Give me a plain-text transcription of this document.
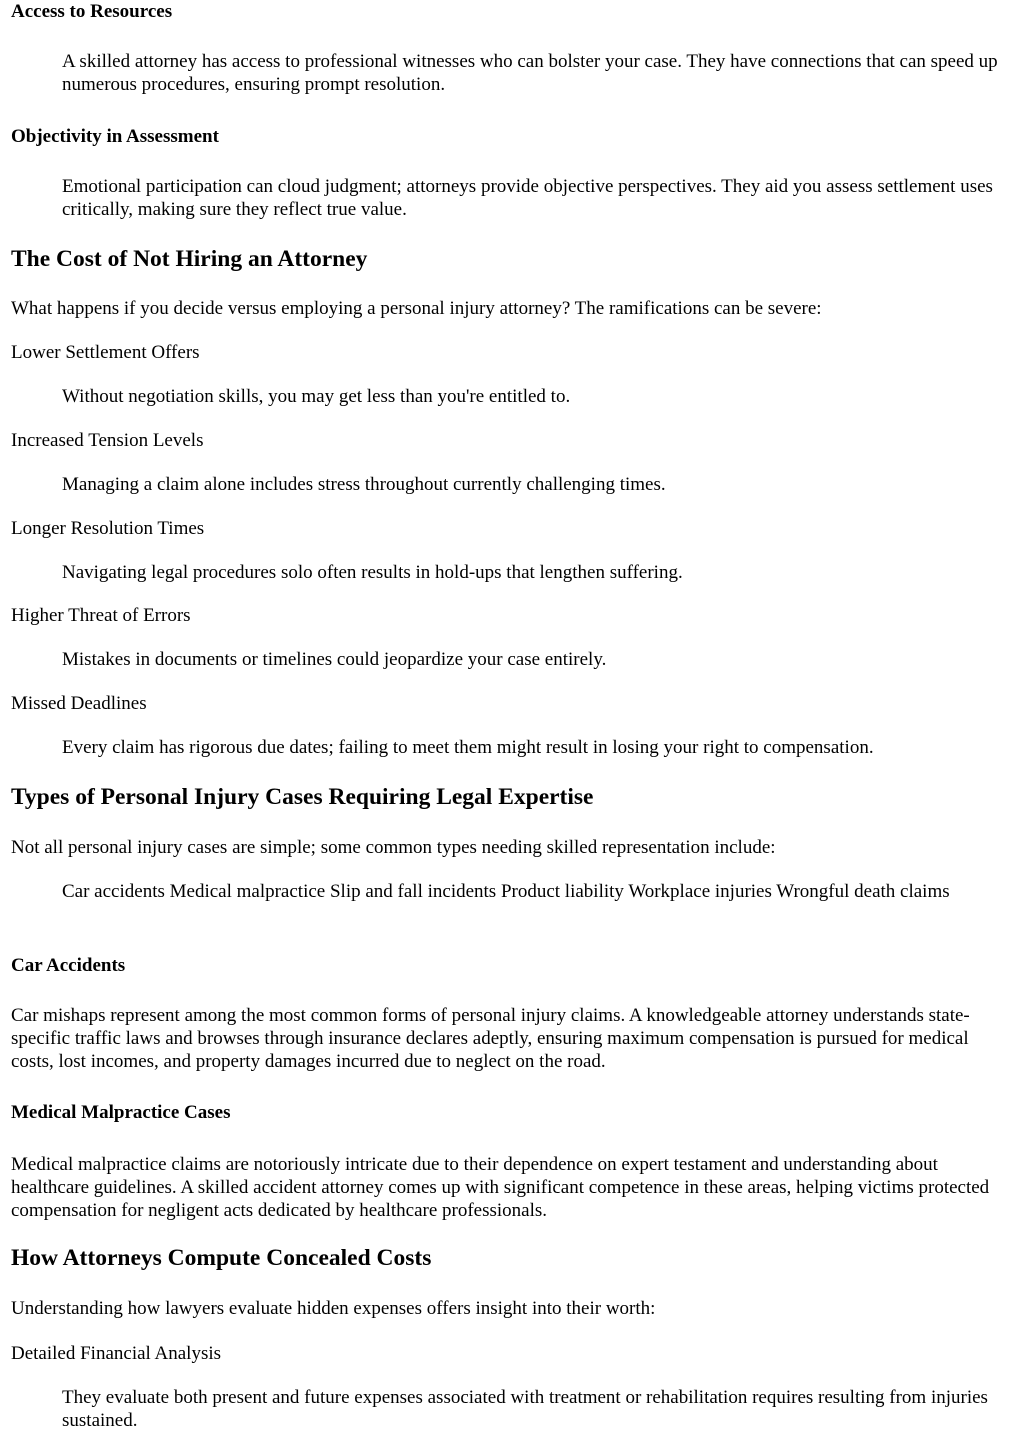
Access to Resources

A skilled attorney has access to professional witnesses who can bolster your case. They have connections that can speed up numerous procedures, ensuring prompt resolution.

Objectivity in Assessment

Emotional participation can cloud judgment; attorneys provide objective perspectives. They aid you assess settlement uses critically, making sure they reflect true value.

The Cost of Not Hiring an Attorney

What happens if you decide versus employing a personal injury attorney? The ramifications can be severe:

Lower Settlement Offers
Without negotiation skills, you may get less than you're entitled to.
Increased Tension Levels
Managing a claim alone includes stress throughout currently challenging times.
Longer Resolution Times
Navigating legal procedures solo often results in hold-ups that lengthen suffering.
Higher Threat of Errors
Mistakes in documents or timelines could jeopardize your case entirely.
Missed Deadlines
Every claim has rigorous due dates; failing to meet them might result in losing your right to compensation.
Types of Personal Injury Cases Requiring Legal Expertise

Not all personal injury cases are simple; some common types needing skilled representation include:

Car accidents Medical malpractice Slip and fall incidents Product liability Workplace injuries Wrongful death claims
Car Accidents

Car mishaps represent among the most common forms of personal injury claims. A knowledgeable attorney understands state-specific traffic laws and browses through insurance declares adeptly, ensuring maximum compensation is pursued for medical costs, lost incomes, and property damages incurred due to neglect on the road.

Medical Malpractice Cases

Medical malpractice claims are notoriously intricate due to their dependence on expert testament and understanding about healthcare guidelines. A skilled accident attorney comes up with significant competence in these areas, helping victims protected compensation for negligent acts dedicated by healthcare professionals.

How Attorneys Compute Concealed Costs

Understanding how lawyers evaluate hidden expenses offers insight into their worth:

Detailed Financial Analysis
They evaluate both present and future expenses associated with treatment or rehabilitation requires resulting from injuries sustained.
